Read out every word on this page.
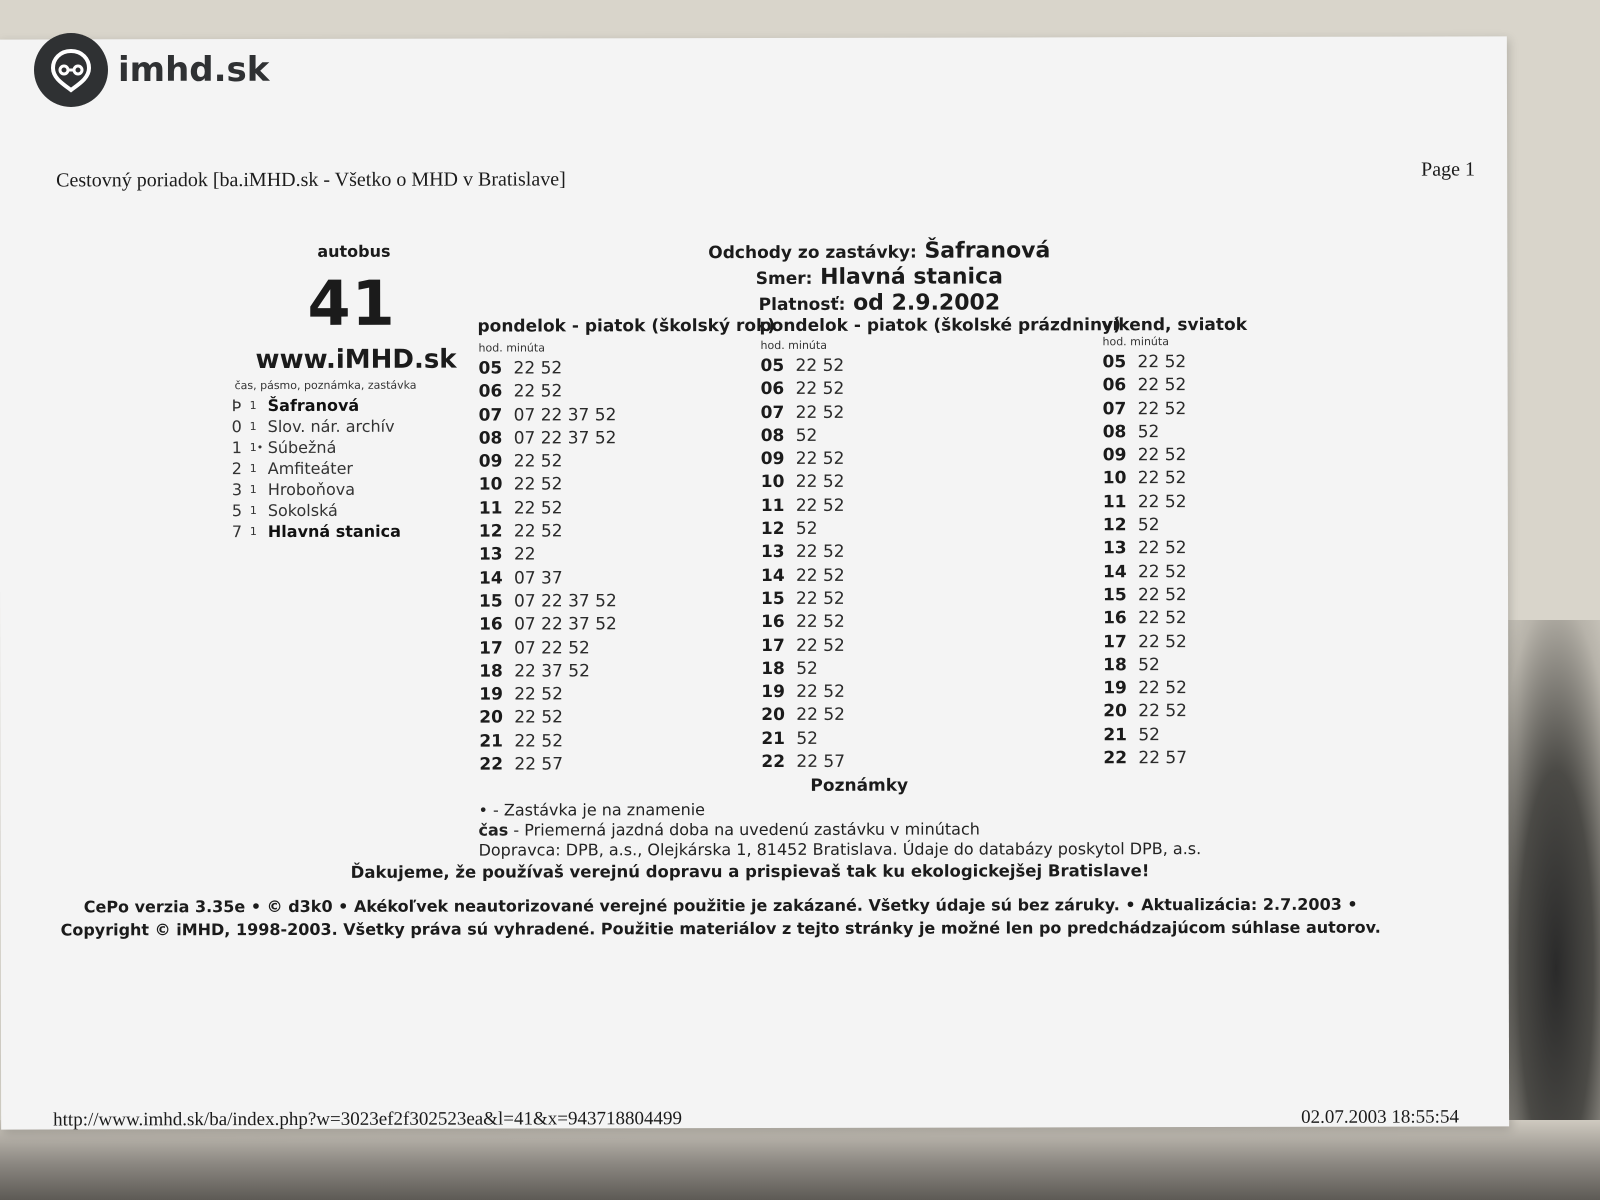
Cestovný poriadok [ba.iMHD.sk - Všetko o MHD v Bratislave]	Page 1
autobus
41
www.iMHD.sk
čas, pásmo, poznámka, zastávka
Þ 1 Šafranová
0 1 Slov. nár. archív
1 1• Súbežná
2 1 Amfiteáter
3 1 Hroboňova
5 1 Sokolská
7 1 Hlavná stanica
Odchody zo zastávky: Šafranová
Smer: Hlavná stanica
Platnosť: od 2.9.2002
pondelok - piatok (školský rok)
pondelok - piatok (školské prázdniny)
víkend, sviatok
hod. minúta	hod. minúta	hod. minúta
05 22 52
06 22 52
07 07 22 37 52
08 07 22 37 52
09 22 52
10 22 52
11 22 52
12 22 52
13 22
14 07 37
15 07 22 37 52
16 07 22 37 52
17 07 22 52
18 22 37 52
19 22 52
20 22 52
21 22 52
22 22 57
05 22 52
06 22 52
07 22 52
08 52
09 22 52
10 22 52
11 22 52
12 52
13 22 52
14 22 52
15 22 52
16 22 52
17 22 52
18 52
19 22 52
20 22 52
21 52
22 22 57
05 22 52
06 22 52
07 22 52
08 52
09 22 52
10 22 52
11 22 52
12 52
13 22 52
14 22 52
15 22 52
16 22 52
17 22 52
18 52
19 22 52
20 22 52
21 52
22 22 57
Poznámky
• - Zastávka je na znamenie
čas - Priemerná jazdná doba na uvedenú zastávku v minútach
Dopravca: DPB, a.s., Olejkárska 1, 81452 Bratislava. Údaje do databázy poskytol DPB, a.s.
Ďakujeme, že používaš verejnú dopravu a prispievaš tak ku ekologickejšej Bratislave!
CePo verzia 3.35e • © d3k0 • Akékoľvek neautorizované verejné použitie je zakázané. Všetky údaje sú bez záruky. • Aktualizácia: 2.7.2003 •
Copyright © iMHD, 1998-2003. Všetky práva sú vyhradené. Použitie materiálov z tejto stránky je možné len po predchádzajúcom súhlase autorov.
http://www.imhd.sk/ba/index.php?w=3023ef2f302523ea&l=41&x=943718804499	02.07.2003 18:55:54
imhd.sk
